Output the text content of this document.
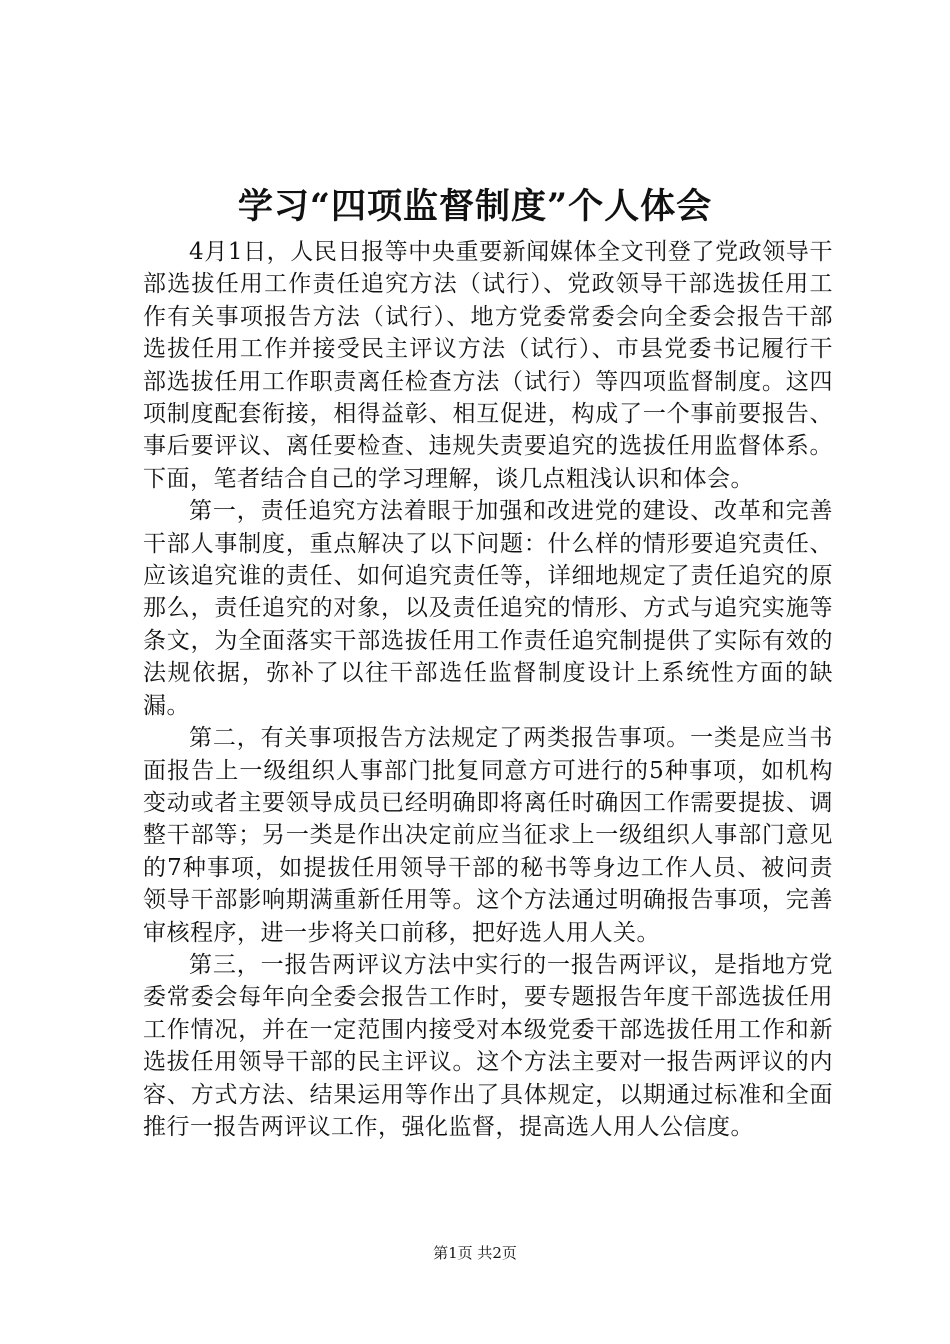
学习“四项监督制度”个人体会

4月1日，人民日报等中央重要新闻媒体全文刊登了党政领导干部选拔任用工作责任追究方法（试行）、党政领导干部选拔任用工作有关事项报告方法（试行）、地方党委常委会向全委会报告干部选拔任用工作并接受民主评议方法（试行）、市县党委书记履行干部选拔任用工作职责离任检查方法（试行）等四项监督制度。这四项制度配套衔接，相得益彰、相互促进，构成了一个事前要报告、事后要评议、离任要检查、违规失责要追究的选拔任用监督体系。下面，笔者结合自己的学习理解，谈几点粗浅认识和体会。

第一，责任追究方法着眼于加强和改进党的建设、改革和完善干部人事制度，重点解决了以下问题：什么样的情形要追究责任、应该追究谁的责任、如何追究责任等，详细地规定了责任追究的原那么，责任追究的对象，以及责任追究的情形、方式与追究实施等条文，为全面落实干部选拔任用工作责任追究制提供了实际有效的法规依据，弥补了以往干部选任监督制度设计上系统性方面的缺漏。

第二，有关事项报告方法规定了两类报告事项。一类是应当书面报告上一级组织人事部门批复同意方可进行的5种事项，如机构变动或者主要领导成员已经明确即将离任时确因工作需要提拔、调整干部等；另一类是作出决定前应当征求上一级组织人事部门意见的7种事项，如提拔任用领导干部的秘书等身边工作人员、被问责领导干部影响期满重新任用等。这个方法通过明确报告事项，完善审核程序，进一步将关口前移，把好选人用人关。

第三，一报告两评议方法中实行的一报告两评议，是指地方党委常委会每年向全委会报告工作时，要专题报告年度干部选拔任用工作情况，并在一定范围内接受对本级党委干部选拔任用工作和新选拔任用领导干部的民主评议。这个方法主要对一报告两评议的内容、方式方法、结果运用等作出了具体规定，以期通过标准和全面推行一报告两评议工作，强化监督，提高选人用人公信度。

第1页 共2页
